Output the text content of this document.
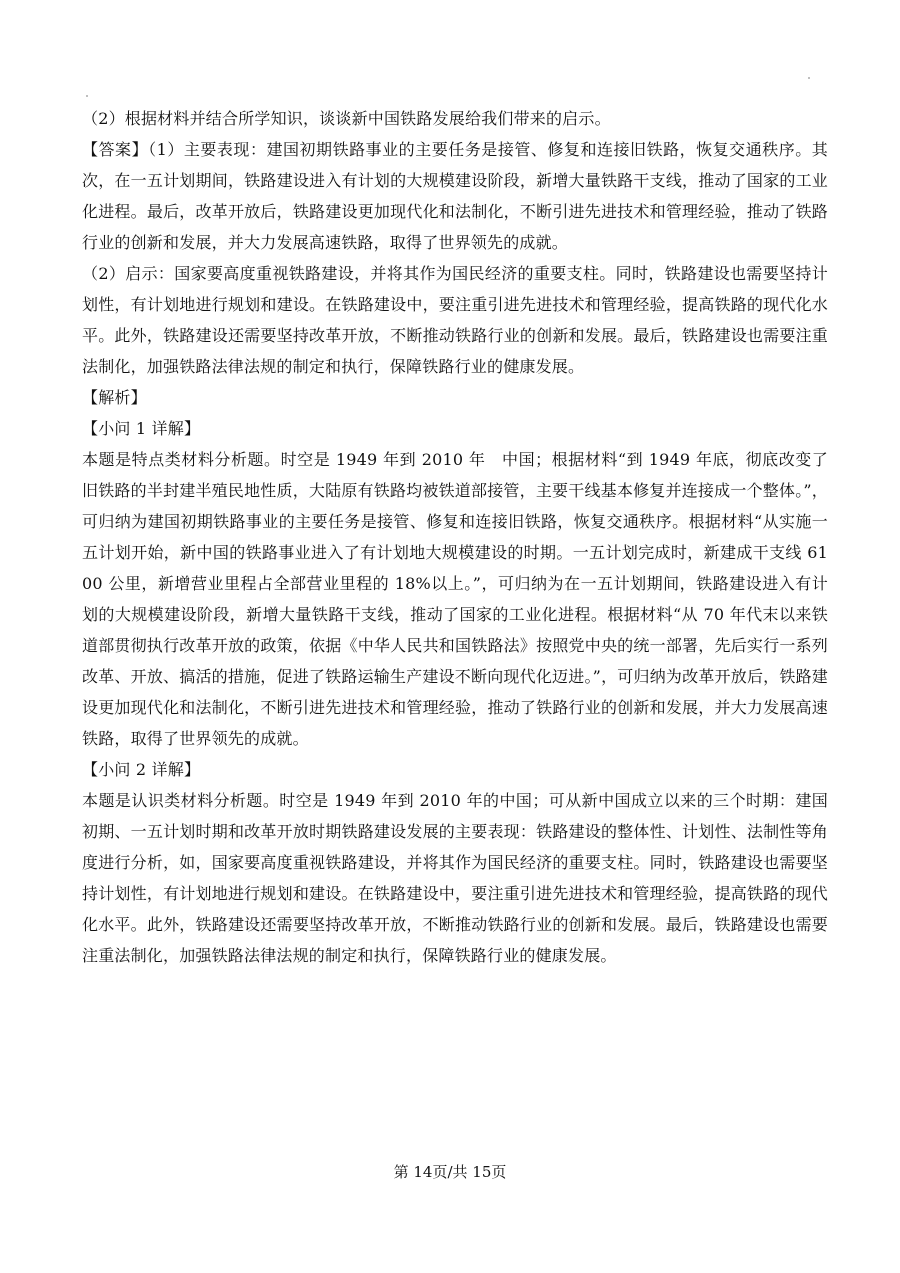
（2）根据材料并结合所学知识，谈谈新中国铁路发展给我们带来的启示。

【答案】（1）主要表现：建国初期铁路事业的主要任务是接管、修复和连接旧铁路，恢复交通秩序。其次，在一五计划期间，铁路建设进入有计划的大规模建设阶段，新增大量铁路干支线，推动了国家的工业化进程。最后，改革开放后，铁路建设更加现代化和法制化，不断引进先进技术和管理经验，推动了铁路行业的创新和发展，并大力发展高速铁路，取得了世界领先的成就。

（2）启示：国家要高度重视铁路建设，并将其作为国民经济的重要支柱。同时，铁路建设也需要坚持计划性，有计划地进行规划和建设。在铁路建设中，要注重引进先进技术和管理经验，提高铁路的现代化水平。此外，铁路建设还需要坚持改革开放，不断推动铁路行业的创新和发展。最后，铁路建设也需要注重法制化，加强铁路法律法规的制定和执行，保障铁路行业的健康发展。

【解析】

【小问 1 详解】

本题是特点类材料分析题。时空是 1949 年到 2010 年　中国；根据材料“到 1949 年底，彻底改变了旧铁路的半封建半殖民地性质，大陆原有铁路均被铁道部接管，主要干线基本修复并连接成一个整体。”，可归纳为建国初期铁路事业的主要任务是接管、修复和连接旧铁路，恢复交通秩序。根据材料“从实施一五计划开始，新中国的铁路事业进入了有计划地大规模建设的时期。一五计划完成时，新建成干支线 6100 公里，新增营业里程占全部营业里程的 18%以上。”，可归纳为在一五计划期间，铁路建设进入有计划的大规模建设阶段，新增大量铁路干支线，推动了国家的工业化进程。根据材料“从 70 年代末以来铁道部贯彻执行改革开放的政策，依据《中华人民共和国铁路法》按照党中央的统一部署，先后实行一系列改革、开放、搞活的措施，促进了铁路运输生产建设不断向现代化迈进。”，可归纳为改革开放后，铁路建设更加现代化和法制化，不断引进先进技术和管理经验，推动了铁路行业的创新和发展，并大力发展高速铁路，取得了世界领先的成就。

【小问 2 详解】

本题是认识类材料分析题。时空是 1949 年到 2010 年的中国；可从新中国成立以来的三个时期：建国初期、一五计划时期和改革开放时期铁路建设发展的主要表现：铁路建设的整体性、计划性、法制性等角度进行分析，如，国家要高度重视铁路建设，并将其作为国民经济的重要支柱。同时，铁路建设也需要坚持计划性，有计划地进行规划和建设。在铁路建设中，要注重引进先进技术和管理经验，提高铁路的现代化水平。此外，铁路建设还需要坚持改革开放，不断推动铁路行业的创新和发展。最后，铁路建设也需要注重法制化，加强铁路法律法规的制定和执行，保障铁路行业的健康发展。

第 14页/共 15页
